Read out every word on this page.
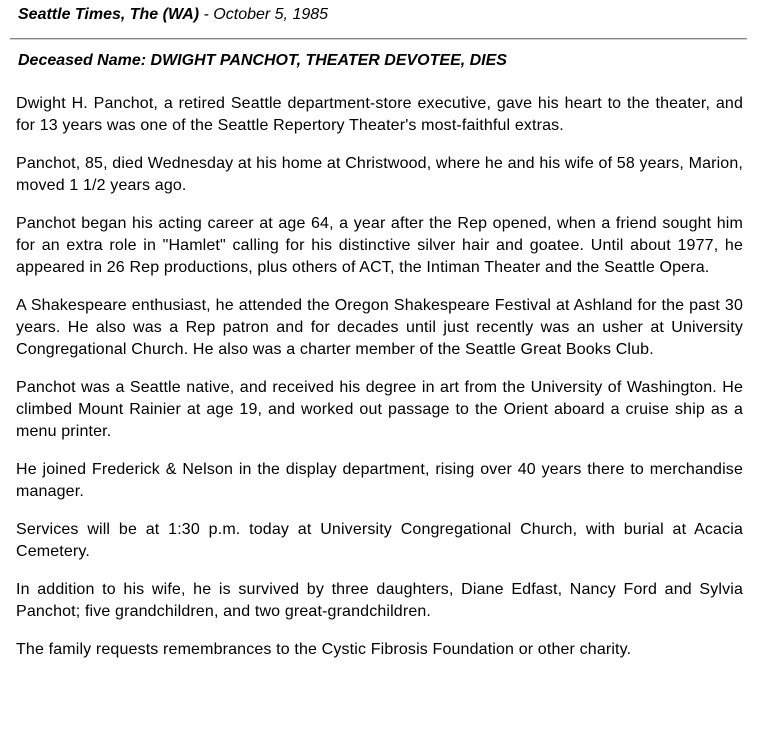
Seattle Times, The (WA) - October 5, 1985
Deceased Name: DWIGHT PANCHOT, THEATER DEVOTEE, DIES

Dwight H. Panchot, a retired Seattle department-store executive, gave his heart to the theater, and for 13 years was one of the Seattle Repertory Theater's most-faithful extras.

Panchot, 85, died Wednesday at his home at Christwood, where he and his wife of 58 years, Marion, moved 1 1/2 years ago.

Panchot began his acting career at age 64, a year after the Rep opened, when a friend sought him for an extra role in "Hamlet" calling for his distinctive silver hair and goatee. Until about 1977, he appeared in 26 Rep productions, plus others of ACT, the Intiman Theater and the Seattle Opera.

A Shakespeare enthusiast, he attended the Oregon Shakespeare Festival at Ashland for the past 30 years. He also was a Rep patron and for decades until just recently was an usher at University Congregational Church. He also was a charter member of the Seattle Great Books Club.

Panchot was a Seattle native, and received his degree in art from the University of Washington. He climbed Mount Rainier at age 19, and worked out passage to the Orient aboard a cruise ship as a menu printer.

He joined Frederick & Nelson in the display department, rising over 40 years there to merchandise manager.

Services will be at 1:30 p.m. today at University Congregational Church, with burial at Acacia Cemetery.

In addition to his wife, he is survived by three daughters, Diane Edfast, Nancy Ford and Sylvia Panchot; five grandchildren, and two great-grandchildren.

The family requests remembrances to the Cystic Fibrosis Foundation or other charity.
